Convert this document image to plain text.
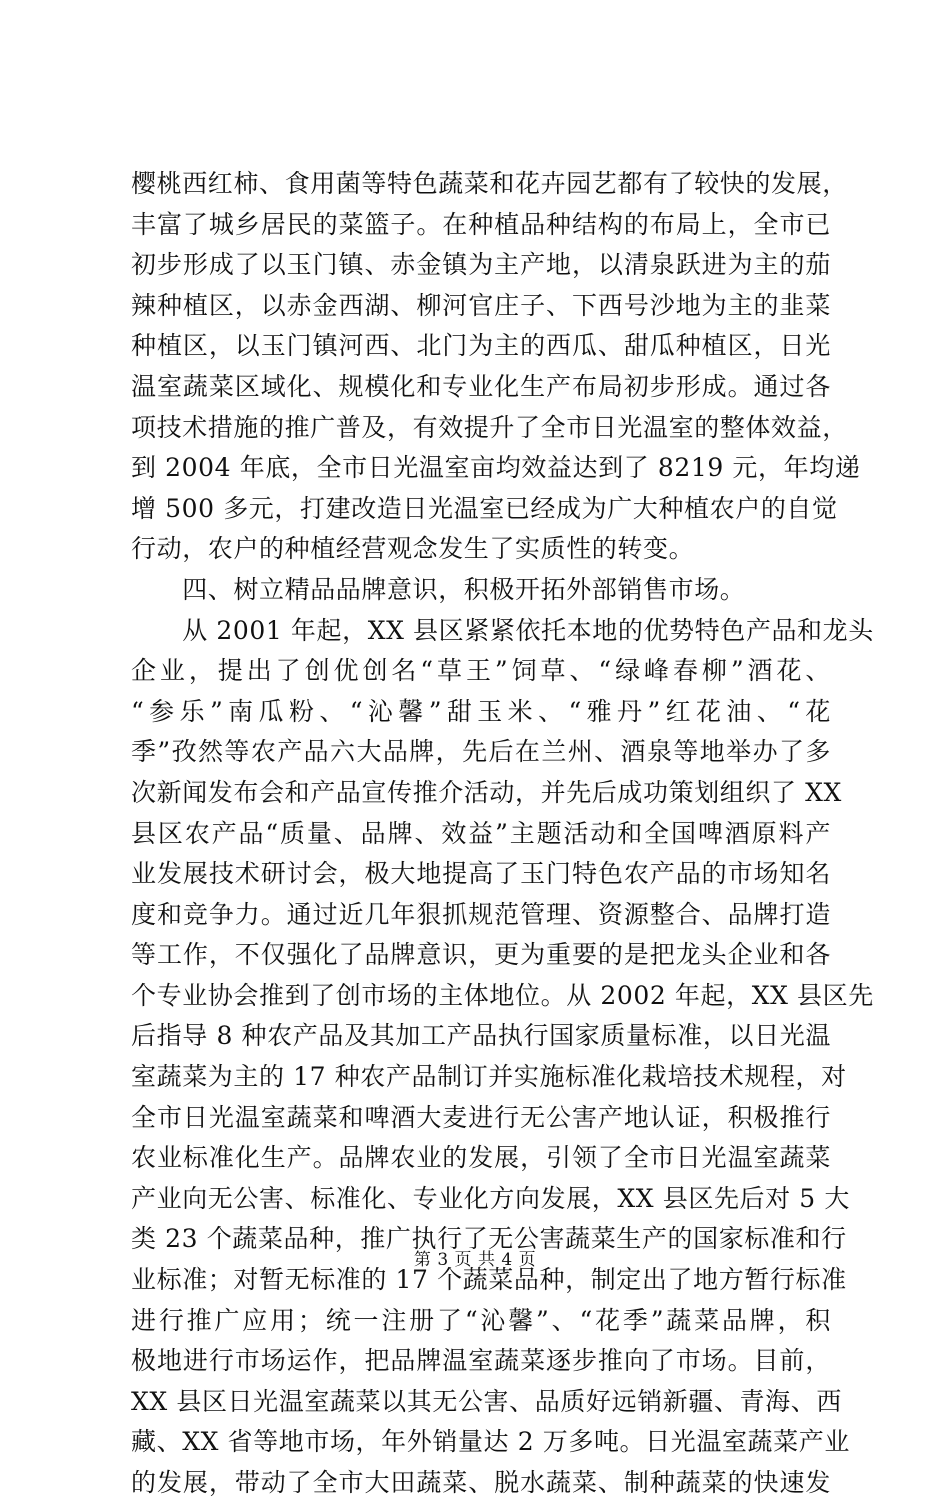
樱桃西红柿、食用菌等特色蔬菜和花卉园艺都有了较快的发展，
丰富了城乡居民的菜篮子。在种植品种结构的布局上，全市已
初步形成了以玉门镇、赤金镇为主产地，以清泉跃进为主的茄
辣种植区，以赤金西湖、柳河官庄子、下西号沙地为主的韭菜
种植区，以玉门镇河西、北门为主的西瓜、甜瓜种植区，日光
温室蔬菜区域化、规模化和专业化生产布局初步形成。通过各
项技术措施的推广普及，有效提升了全市日光温室的整体效益，
到 2004 年底，全市日光温室亩均效益达到了 8219 元，年均递
增 500 多元，打建改造日光温室已经成为广大种植农户的自觉
行动，农户的种植经营观念发生了实质性的转变。
　　四、树立精品品牌意识，积极开拓外部销售市场。
　　从 2001 年起，XX 县区紧紧依托本地的优势特色产品和龙头
企业，提出了创优创名“草王”饲草、“绿峰春柳”酒花、
“参乐”南瓜粉、“沁馨”甜玉米、“雅丹”红花油、“花
季”孜然等农产品六大品牌，先后在兰州、酒泉等地举办了多
次新闻发布会和产品宣传推介活动，并先后成功策划组织了 XX
县区农产品“质量、品牌、效益”主题活动和全国啤酒原料产
业发展技术研讨会，极大地提高了玉门特色农产品的市场知名
度和竞争力。通过近几年狠抓规范管理、资源整合、品牌打造
等工作，不仅强化了品牌意识，更为重要的是把龙头企业和各
个专业协会推到了创市场的主体地位。从 2002 年起，XX 县区先
后指导 8 种农产品及其加工产品执行国家质量标准，以日光温
室蔬菜为主的 17 种农产品制订并实施标准化栽培技术规程，对
全市日光温室蔬菜和啤酒大麦进行无公害产地认证，积极推行
农业标准化生产。品牌农业的发展，引领了全市日光温室蔬菜
产业向无公害、标准化、专业化方向发展，XX 县区先后对 5 大
类 23 个蔬菜品种，推广执行了无公害蔬菜生产的国家标准和行
业标准；对暂无标准的 17 个蔬菜品种，制定出了地方暂行标准
进行推广应用；统一注册了“沁馨”、“花季”蔬菜品牌，积
极地进行市场运作，把品牌温室蔬菜逐步推向了市场。目前，
XX 县区日光温室蔬菜以其无公害、品质好远销新疆、青海、西
藏、XX 省等地市场，年外销量达 2 万多吨。日光温室蔬菜产业
的发展，带动了全市大田蔬菜、脱水蔬菜、制种蔬菜的快速发
第 3 页 共 4 页
